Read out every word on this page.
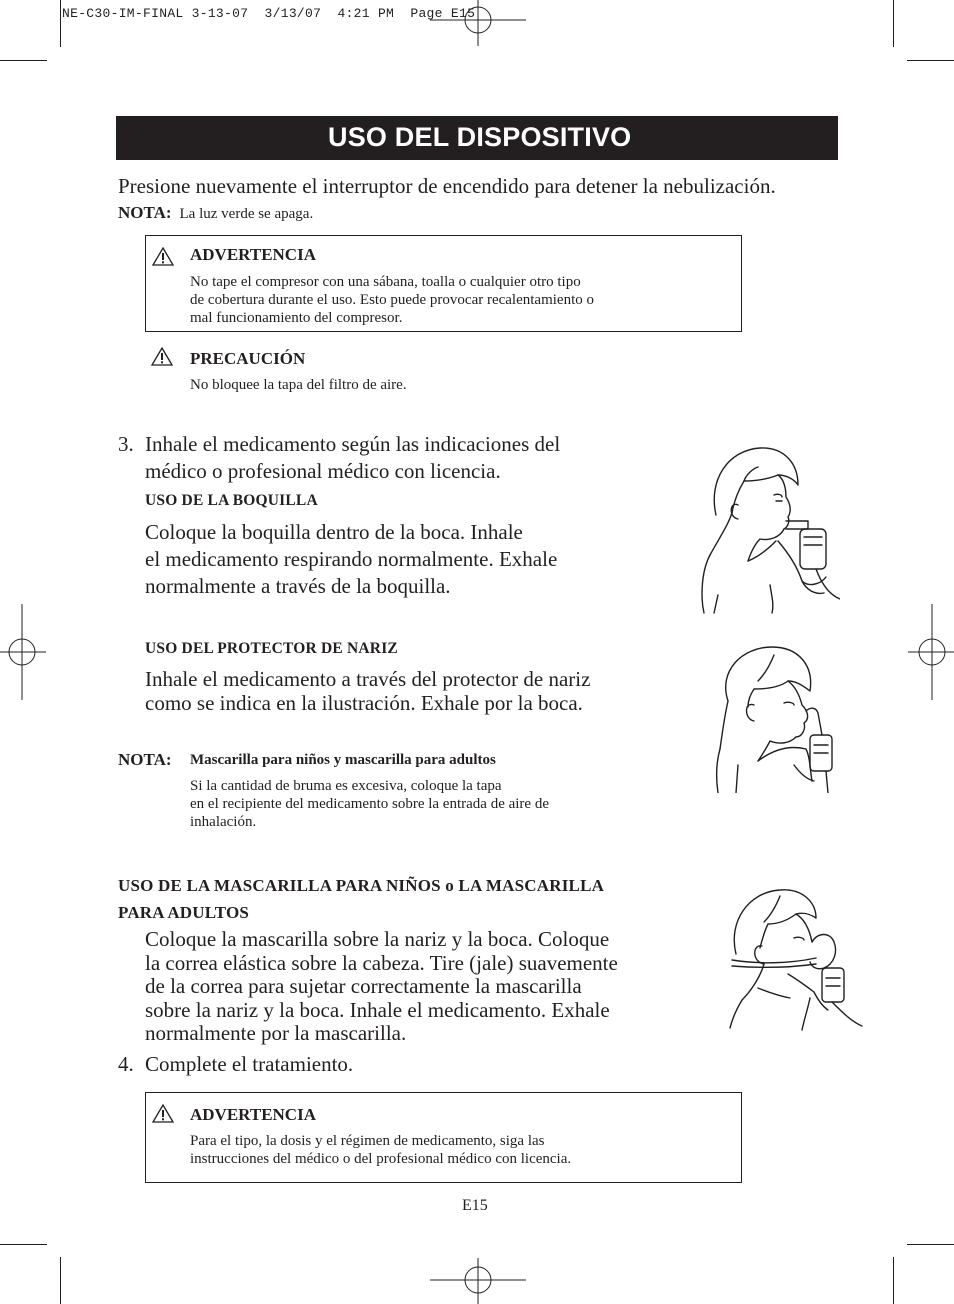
NE-C30-IM-FINAL 3-13-07  3/13/07  4:21 PM  Page E15
USO DEL DISPOSITIVO
Presione nuevamente el interruptor de encendido para detener la nebulización.
NOTA: La luz verde se apaga.
ADVERTENCIA
No tape el compresor con una sábana, toalla o cualquier otro tipo
de cobertura durante el uso. Esto puede provocar recalentamiento o
mal funcionamiento del compresor.
PRECAUCIÓN
No bloquee la tapa del filtro de aire.
3. Inhale el medicamento según las indicaciones del
médico o profesional médico con licencia.
USO DE LA BOQUILLA
Coloque la boquilla dentro de la boca. Inhale
el medicamento respirando normalmente. Exhale
normalmente a través de la boquilla.
USO DEL PROTECTOR DE NARIZ
Inhale el medicamento a través del protector de nariz
como se indica en la ilustración. Exhale por la boca.
NOTA: Mascarilla para niños y mascarilla para adultos
Si la cantidad de bruma es excesiva, coloque la tapa
en el recipiente del medicamento sobre la entrada de aire de
inhalación.
USO DE LA MASCARILLA PARA NIÑOS o LA MASCARILLA
PARA ADULTOS
Coloque la mascarilla sobre la nariz y la boca. Coloque
la correa elástica sobre la cabeza. Tire (jale) suavemente
de la correa para sujetar correctamente la mascarilla
sobre la nariz y la boca. Inhale el medicamento. Exhale
normalmente por la mascarilla.
4. Complete el tratamiento.
ADVERTENCIA
Para el tipo, la dosis y el régimen de medicamento, siga las
instrucciones del médico o del profesional médico con licencia.
E15
